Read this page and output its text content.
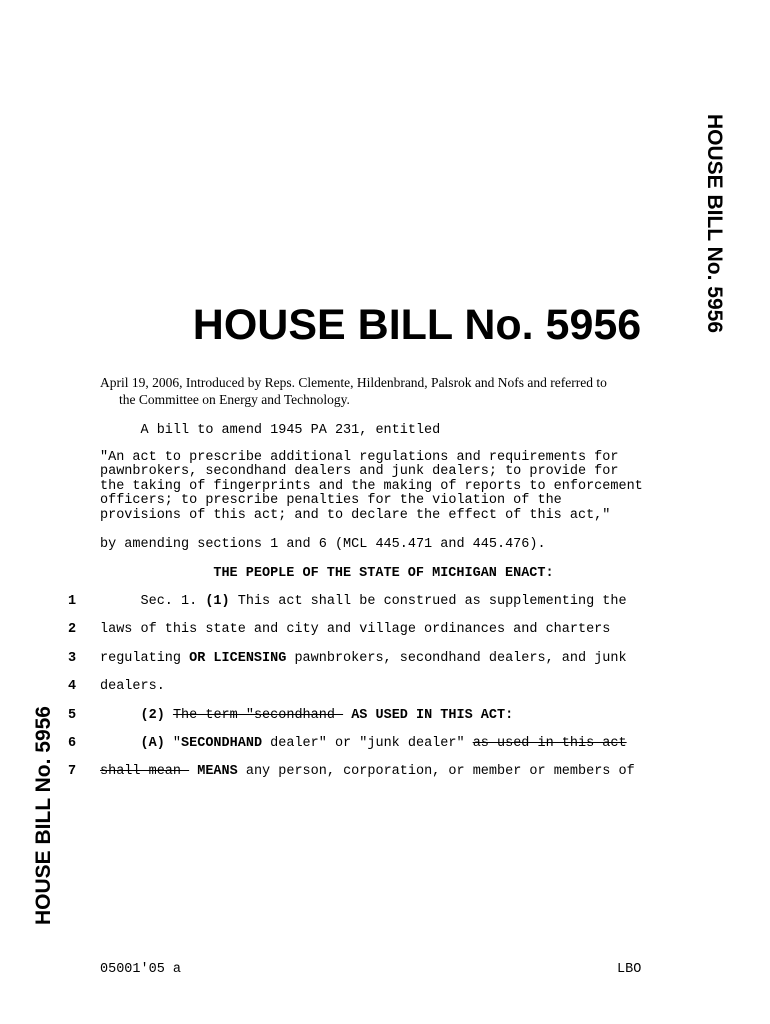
HOUSE BILL No. 5956
HOUSE BILL No. 5956
HOUSE BILL No. 5956
April 19, 2006, Introduced by Reps. Clemente, Hildenbrand, Palsrok and Nofs and referred to
the Committee on Energy and Technology.
A bill to amend 1945 PA 231, entitled
"An act to prescribe additional regulations and requirements for
pawnbrokers, secondhand dealers and junk dealers; to provide for
the taking of fingerprints and the making of reports to enforcement
officers; to prescribe penalties for the violation of the
provisions of this act; and to declare the effect of this act,"
by amending sections 1 and 6 (MCL 445.471 and 445.476).
THE PEOPLE OF THE STATE OF MICHIGAN ENACT:
1	Sec. 1. (1) This act shall be construed as supplementing the
2	laws of this state and city and village ordinances and charters
3	regulating OR LICENSING pawnbrokers, secondhand dealers, and junk
4	dealers.
5	(2) The term "secondhand  AS USED IN THIS ACT:
6	(A) "SECONDHAND dealer" or "junk dealer" as used in this act
7	shall mean  MEANS any person, corporation, or member or members of
05001'05 a	LBO
